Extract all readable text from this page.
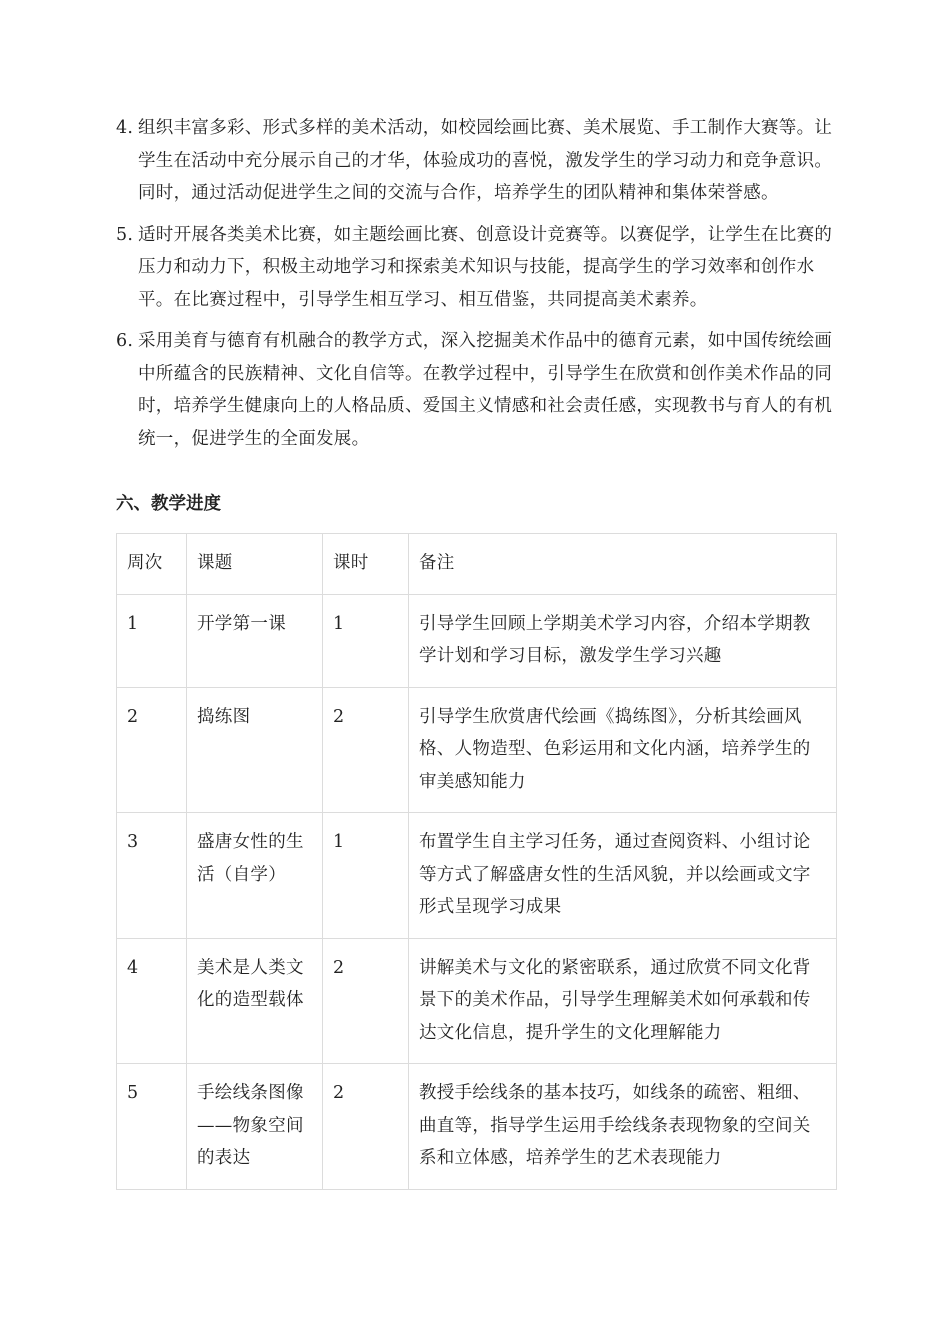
4. 组织丰富多彩、形式多样的美术活动，如校园绘画比赛、美术展览、手工制作大赛等。让学生在活动中充分展示自己的才华，体验成功的喜悦，激发学生的学习动力和竞争意识。同时，通过活动促进学生之间的交流与合作，培养学生的团队精神和集体荣誉感。
5. 适时开展各类美术比赛，如主题绘画比赛、创意设计竞赛等。以赛促学，让学生在比赛的压力和动力下，积极主动地学习和探索美术知识与技能，提高学生的学习效率和创作水平。在比赛过程中，引导学生相互学习、相互借鉴，共同提高美术素养。
6. 采用美育与德育有机融合的教学方式，深入挖掘美术作品中的德育元素，如中国传统绘画中所蕴含的民族精神、文化自信等。在教学过程中，引导学生在欣赏和创作美术作品的同时，培养学生健康向上的人格品质、爱国主义情感和社会责任感，实现教书与育人的有机统一，促进学生的全面发展。
六、教学进度
周次	课题	课时	备注
1	开学第一课	1	引导学生回顾上学期美术学习内容，介绍本学期教学计划和学习目标，激发学生学习兴趣
2	捣练图	2	引导学生欣赏唐代绘画《捣练图》，分析其绘画风格、人物造型、色彩运用和文化内涵，培养学生的审美感知能力
3	盛唐女性的生活（自学）	1	布置学生自主学习任务，通过查阅资料、小组讨论等方式了解盛唐女性的生活风貌，并以绘画或文字形式呈现学习成果
4	美术是人类文化的造型载体	2	讲解美术与文化的紧密联系，通过欣赏不同文化背景下的美术作品，引导学生理解美术如何承载和传达文化信息，提升学生的文化理解能力
5	手绘线条图像——物象空间的表达	2	教授手绘线条的基本技巧，如线条的疏密、粗细、曲直等，指导学生运用手绘线条表现物象的空间关系和立体感，培养学生的艺术表现能力
